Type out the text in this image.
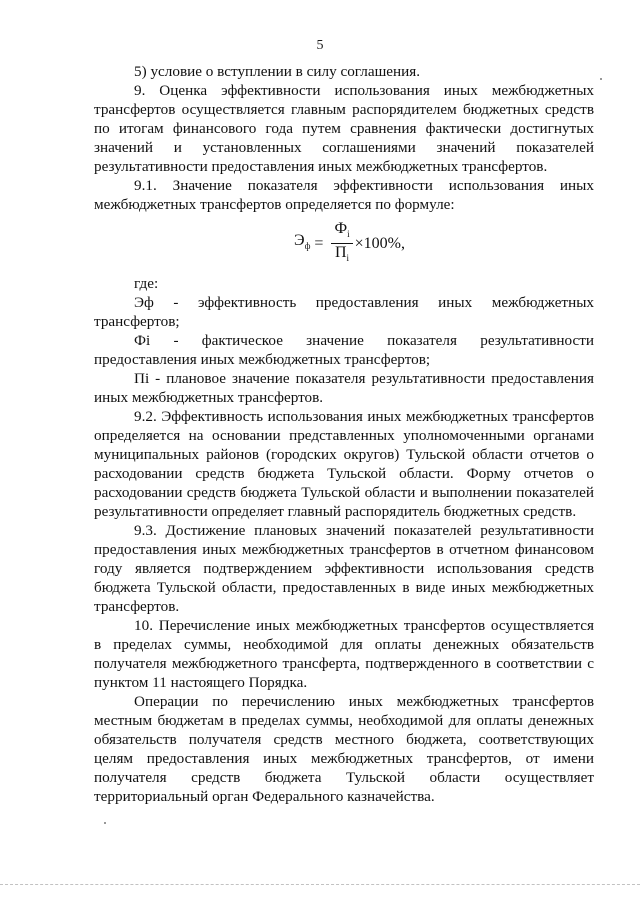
5

5) условие о вступлении в силу соглашения.

9. Оценка эффективности использования иных межбюджетных трансфертов осуществляется главным распорядителем бюджетных средств по итогам финансового года путем сравнения фактически достигнутых значений и установленных соглашениями значений показателей результативности предоставления иных межбюджетных трансфертов.

9.1. Значение показателя эффективности использования иных межбюджетных трансфертов определяется по формуле:

$Э_ф = \frac{Ф_i}{П_i} \times 100\%$,

где:

Эф - эффективность предоставления иных межбюджетных трансфертов;

Фi - фактическое значение показателя результативности предоставления иных межбюджетных трансфертов;

Пi - плановое значение показателя результативности предоставления иных межбюджетных трансфертов.

9.2. Эффективность использования иных межбюджетных трансфертов определяется на основании представленных уполномоченными органами муниципальных районов (городских округов) Тульской области отчетов о расходовании средств бюджета Тульской области. Форму отчетов о расходовании средств бюджета Тульской области и выполнении показателей результативности определяет главный распорядитель бюджетных средств.

9.3. Достижение плановых значений показателей результативности предоставления иных межбюджетных трансфертов в отчетном финансовом году является подтверждением эффективности использования средств бюджета Тульской области, предоставленных в виде иных межбюджетных трансфертов.

10. Перечисление иных межбюджетных трансфертов осуществляется в пределах суммы, необходимой для оплаты денежных обязательств получателя межбюджетного трансферта, подтвержденного в соответствии с пунктом 11 настоящего Порядка.

Операции по перечислению иных межбюджетных трансфертов местным бюджетам в пределах суммы, необходимой для оплаты денежных обязательств получателя средств местного бюджета, соответствующих целям предоставления иных межбюджетных трансфертов, от имени получателя средств бюджета Тульской области осуществляет территориальный орган Федерального казначейства.
